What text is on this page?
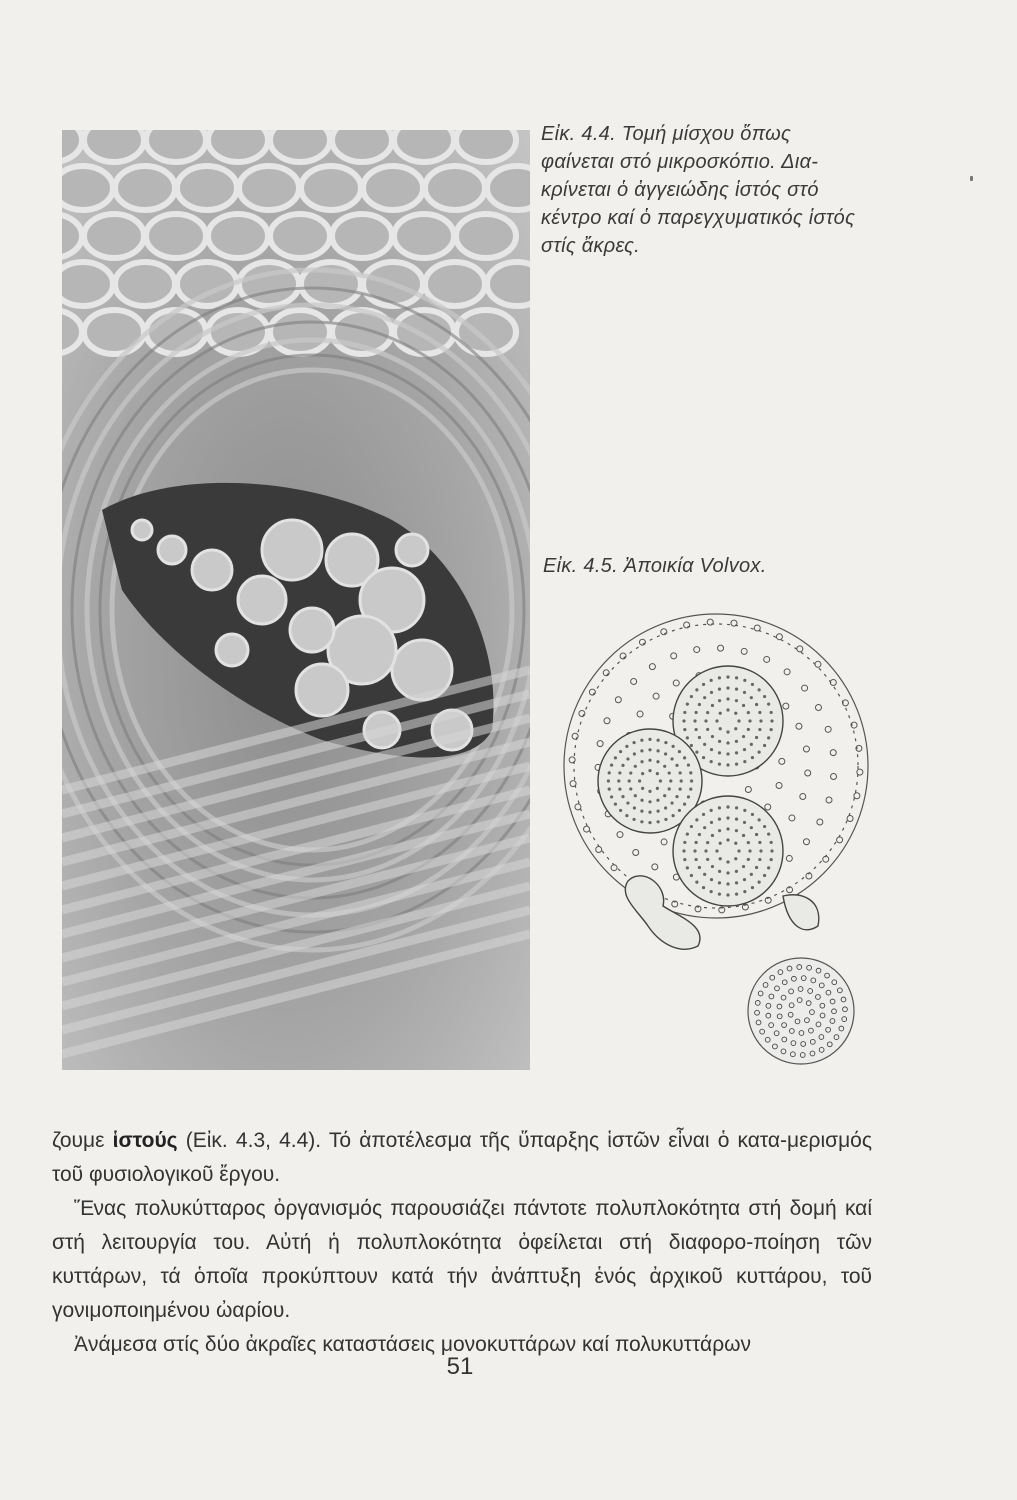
Εἰκ. 4.4. Τομή μίσχου ὅπως φαίνεται στό μικροσκόπιο. Δια-κρίνεται ὁ ἀγγειώδης ἱστός στό κέντρο καί ὁ παρεγχυματικός ἱστός στίς ἄκρες.
Εἰκ. 4.5. Ἀποικία Volvox.

ζουμε ἱστούς (Εἰκ. 4.3, 4.4). Τό ἀποτέλεσμα τῆς ὕπαρξης ἱστῶν εἶναι ὁ κατα-μερισμός τοῦ φυσιολογικοῦ ἔργου.

Ἕνας πολυκύτταρος ὀργανισμός παρουσιάζει πάντοτε πολυπλοκότητα στή δομή καί στή λειτουργία του. Αὐτή ἡ πολυπλοκότητα ὀφείλεται στή διαφορο-ποίηση τῶν κυττάρων, τά ὁποῖα προκύπτουν κατά τήν ἀνάπτυξη ἑνός ἀρχικοῦ κυττάρου, τοῦ γονιμοποιημένου ὠαρίου.

Ἀνάμεσα στίς δύο ἀκραῖες καταστάσεις μονοκυττάρων καί πολυκυττάρων

51
